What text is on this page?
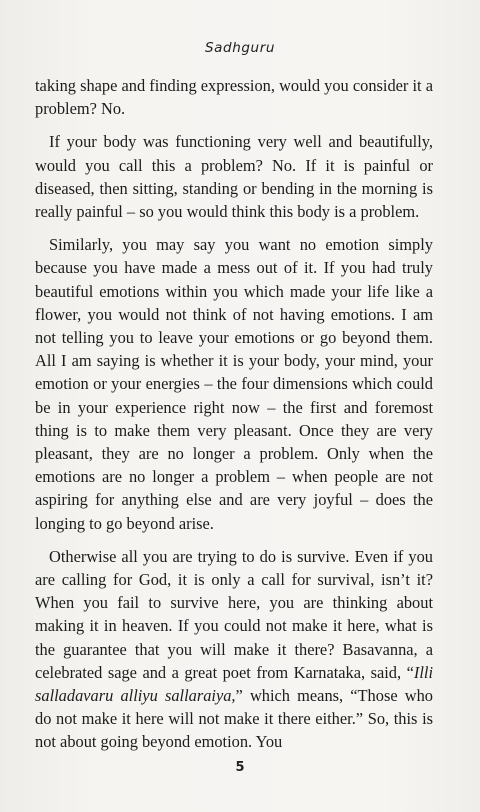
Sadhguru

taking shape and finding expression, would you consider it a problem? No.

If your body was functioning very well and beautifully, would you call this a problem? No. If it is painful or diseased, then sitting, standing or bending in the morning is really painful – so you would think this body is a problem.

Similarly, you may say you want no emotion simply because you have made a mess out of it. If you had truly beautiful emotions within you which made your life like a flower, you would not think of not having emotions. I am not telling you to leave your emotions or go beyond them. All I am saying is whether it is your body, your mind, your emotion or your energies – the four dimensions which could be in your experience right now – the first and foremost thing is to make them very pleasant. Once they are very pleasant, they are no longer a problem. Only when the emotions are no longer a problem – when people are not aspiring for anything else and are very joyful – does the longing to go beyond arise.

Otherwise all you are trying to do is survive. Even if you are calling for God, it is only a call for survival, isn’t it? When you fail to survive here, you are thinking about making it in heaven. If you could not make it here, what is the guarantee that you will make it there? Basavanna, a celebrated sage and a great poet from Karnataka, said, “Illi salladavaru alliyu sallaraiya,” which means, “Those who do not make it here will not make it there either.” So, this is not about going beyond emotion. You

5
